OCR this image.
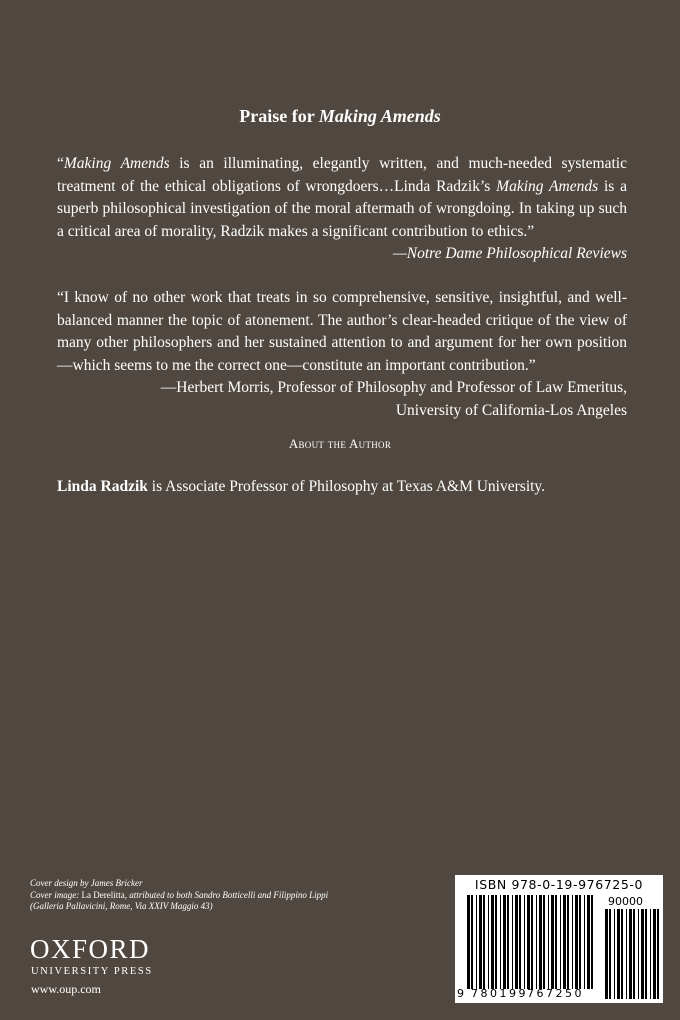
Praise for Making Amends
“Making Amends is an illuminating, elegantly written, and much-needed systematic treatment of the ethical obligations of wrongdoers…Linda Radzik’s Making Amends is a superb philosophical investigation of the moral aftermath of wrongdoing. In taking up such a critical area of morality, Radzik makes a significant contribution to ethics.”
—Notre Dame Philosophical Reviews
“I know of no other work that treats in so comprehensive, sensitive, insightful, and well-balanced manner the topic of atonement. The author’s clear-headed critique of the view of many other philosophers and her sustained attention to and argument for her own position—which seems to me the correct one—constitute an important contribution.”
—Herbert Morris, Professor of Philosophy and Professor of Law Emeritus,
University of California-Los Angeles
About the Author
Linda Radzik is Associate Professor of Philosophy at Texas A&M University.
Cover design by James Bricker
Cover image: La Derelitta, attributed to both Sandro Botticelli and Filippino Lippi (Galleria Pallavicini, Rome, Via XXIV Maggio 43)
OXFORD
UNIVERSITY PRESS
www.oup.com
ISBN 978-0-19-976725-0
90000
9 780199 767250
